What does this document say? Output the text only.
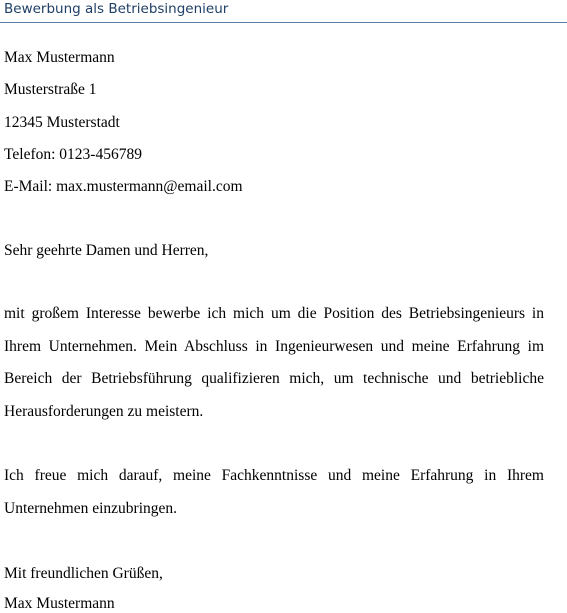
Bewerbung als Betriebsingenieur
Max Mustermann
Musterstraße 1
12345 Musterstadt
Telefon: 0123-456789
E-Mail: max.mustermann@email.com
Sehr geehrte Damen und Herren,
mit großem Interesse bewerbe ich mich um die Position des Betriebsingenieurs in Ihrem Unternehmen. Mein Abschluss in Ingenieurwesen und meine Erfahrung im Bereich der Betriebsführung qualifizieren mich, um technische und betriebliche Herausforderungen zu meistern.
Ich freue mich darauf, meine Fachkenntnisse und meine Erfahrung in Ihrem Unternehmen einzubringen.
Mit freundlichen Grüßen,
Max Mustermann
